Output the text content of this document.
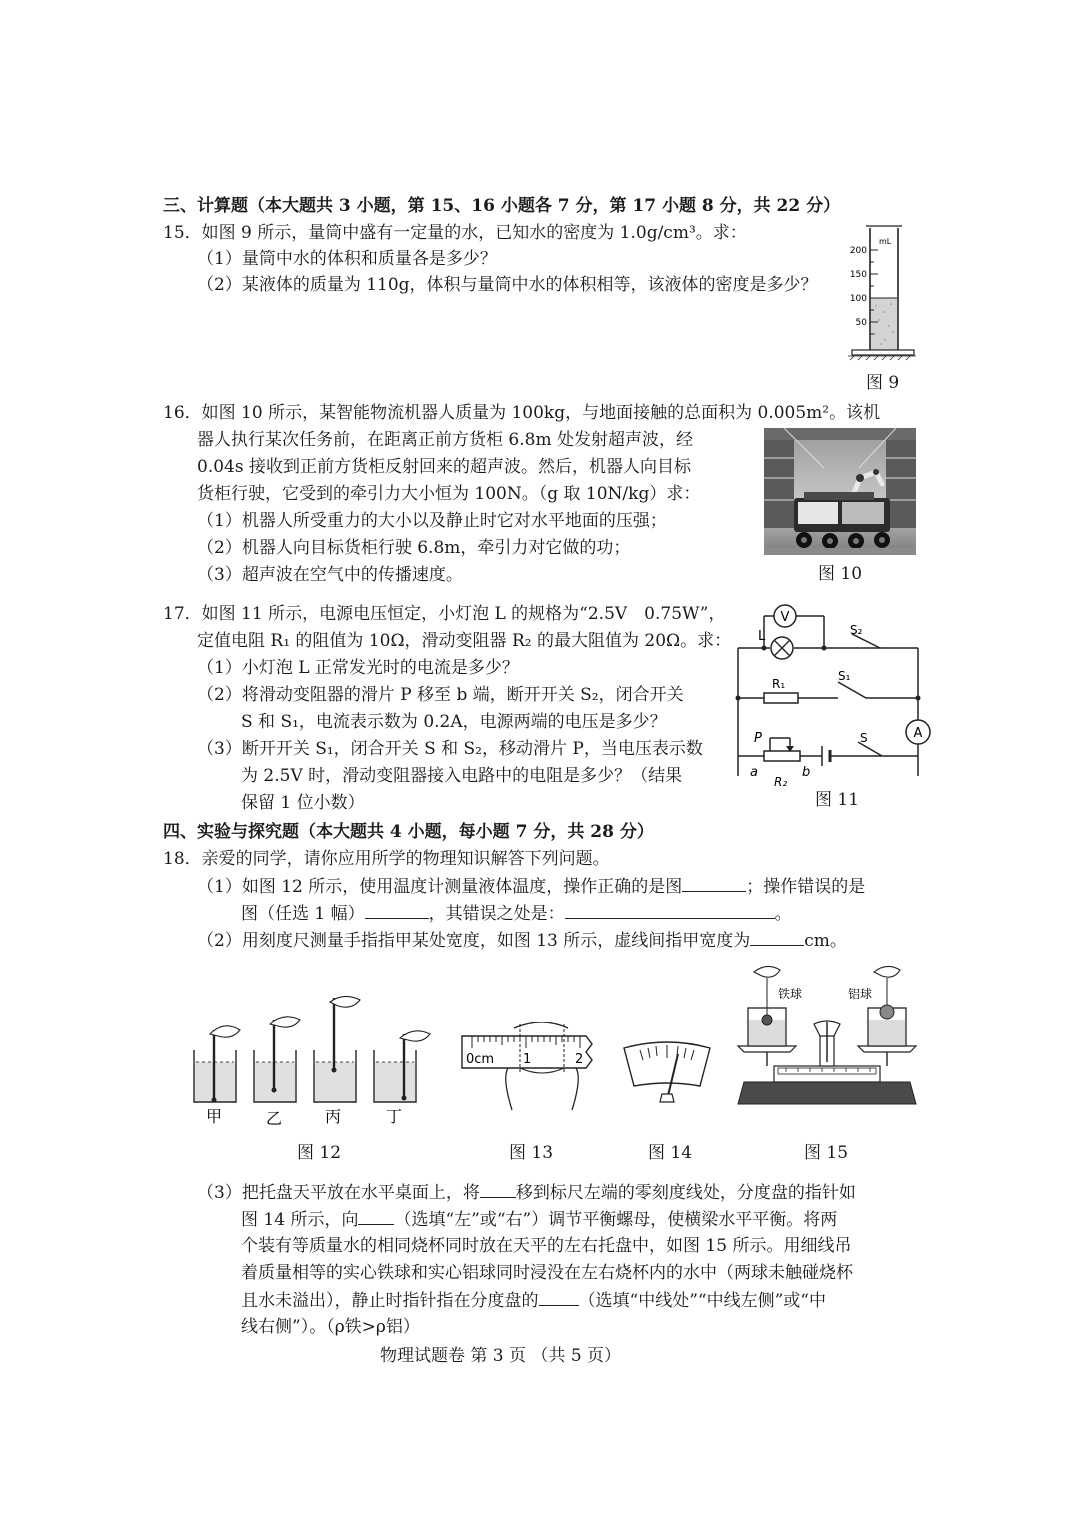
三、计算题（本大题共 3 小题，第 15、16 小题各 7 分，第 17 小题 8 分，共 22 分）
15．如图 9 所示，量筒中盛有一定量的水，已知水的密度为 1.0g/cm³。求：
（1）量筒中水的体积和质量各是多少？
（2）某液体的质量为 110g，体积与量筒中水的体积相等，该液体的密度是多少？
mL
200
150
100
50
图 9
16．如图 10 所示，某智能物流机器人质量为 100kg，与地面接触的总面积为 0.005m²。该机
器人执行某次任务前，在距离正前方货柜 6.8m 处发射超声波，经
0.04s 接收到正前方货柜反射回来的超声波。然后，机器人向目标
货柜行驶，它受到的牵引力大小恒为 100N。（g 取 10N/kg）求：
（1）机器人所受重力的大小以及静止时它对水平地面的压强；
（2）机器人向目标货柜行驶 6.8m，牵引力对它做的功；
（3）超声波在空气中的传播速度。	图 10
17．如图 11 所示，电源电压恒定，小灯泡 L 的规格为“2.5V　0.75W”，
定值电阻 R₁ 的阻值为 10Ω，滑动变阻器 R₂ 的最大阻值为 20Ω。求：
（1）小灯泡 L 正常发光时的电流是多少？
（2）将滑动变阻器的滑片 P 移至 b 端，断开开关 S₂，闭合开关
S 和 S₁，电流表示数为 0.2A，电源两端的电压是多少？
（3）断开开关 S₁，闭合开关 S 和 S₂，移动滑片 P，当电压表示数
为 2.5V 时，滑动变阻器接入电路中的电阻是多少？（结果
保留 1 位小数）
V
L	S₂
R₁
S₁
A
P	S
a	b
R₂
图 11
四、实验与探究题（本大题共 4 小题，每小题 7 分，共 28 分）
18．亲爱的同学，请你应用所学的物理知识解答下列问题。
（1）如图 12 所示，使用温度计测量液体温度，操作正确的是图	；操作错误的是
图（任选 1 幅）	，其错误之处是：	。
（2）用刻度尺测量手指指甲某处宽度，如图 13 所示，虚线间指甲宽度为	cm。
甲	乙	丙	丁
图 12
0cm 1	2
图 13	图 14
铁球	铝球
图 15
（3）把托盘天平放在水平桌面上，将 移到标尺左端的零刻度线处，分度盘的指针如
图 14 所示，向 （选填“左”或“右”）调节平衡螺母，使横梁水平平衡。将两
个装有等质量水的相同烧杯同时放在天平的左右托盘中，如图 15 所示。用细线吊
着质量相等的实心铁球和实心铝球同时浸没在左右烧杯内的水中（两球未触碰烧杯
且水未溢出），静止时指针指在分度盘的 （选填“中线处”“中线左侧”或“中
线右侧”）。（ρ铁>ρ铝）
物理试题卷 第 3 页 （共 5 页）
